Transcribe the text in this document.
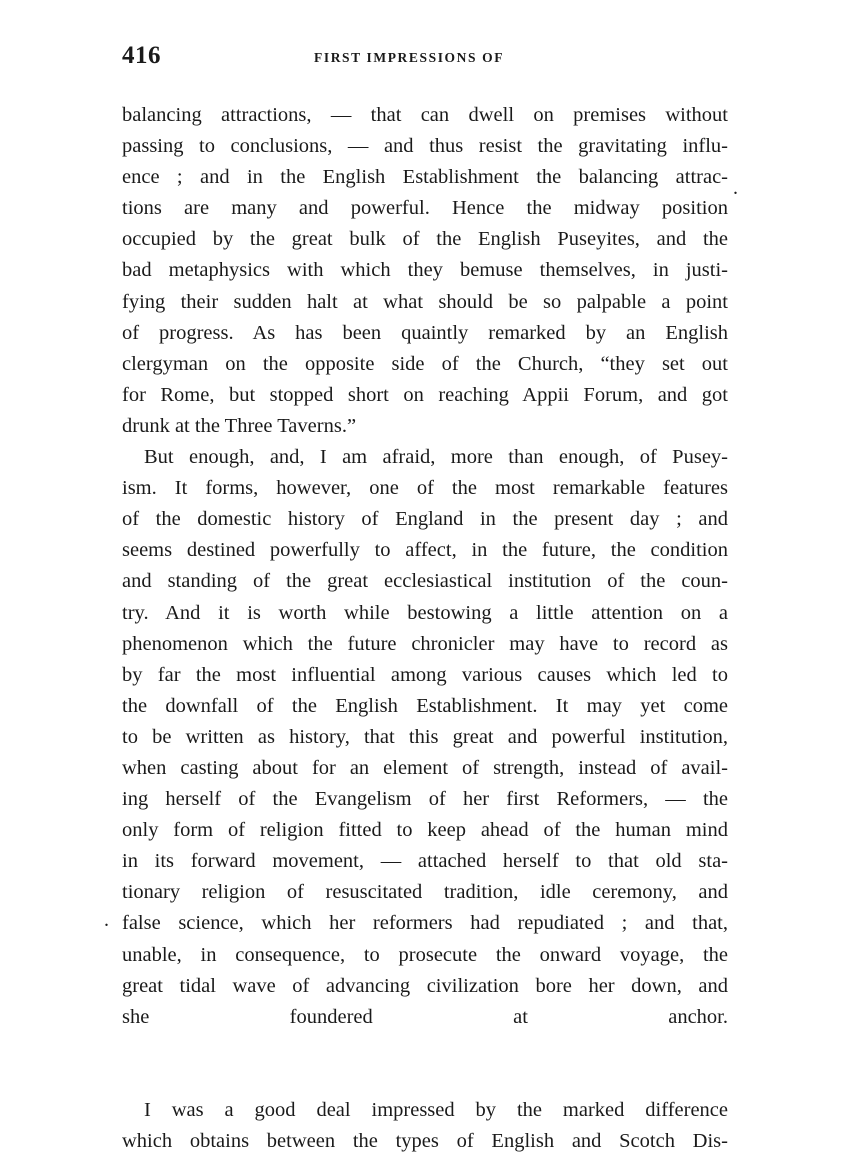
416	FIRST IMPRESSIONS OF
balancing attractions, — that can dwell on premises without
passing to conclusions, — and thus resist the gravitating influ-
ence ; and in the English Establishment the balancing attrac-
tions are many and powerful. Hence the midway position
occupied by the great bulk of the English Puseyites, and the
bad metaphysics with which they bemuse themselves, in justi-
fying their sudden halt at what should be so palpable a point
of progress. As has been quaintly remarked by an English
clergyman on the opposite side of the Church, “they set out
for Rome, but stopped short on reaching Appii Forum, and got
drunk at the Three Taverns.”
But enough, and, I am afraid, more than enough, of Pusey-
ism. It forms, however, one of the most remarkable features
of the domestic history of England in the present day ; and
seems destined powerfully to affect, in the future, the condition
and standing of the great ecclesiastical institution of the coun-
try. And it is worth while bestowing a little attention on a
phenomenon which the future chronicler may have to record as
by far the most influential among various causes which led to
the downfall of the English Establishment. It may yet come
to be written as history, that this great and powerful institution,
when casting about for an element of strength, instead of avail-
ing herself of the Evangelism of her first Reformers, — the
only form of religion fitted to keep ahead of the human mind
in its forward movement, — attached herself to that old sta-
tionary religion of resuscitated tradition, idle ceremony, and
false science, which her reformers had repudiated ; and that,
unable, in consequence, to prosecute the onward voyage, the
great tidal wave of advancing civilization bore her down, and
she foundered at anchor.
I was a good deal impressed by the marked difference
which obtains between the types of English and Scotch Dis-
.
.
